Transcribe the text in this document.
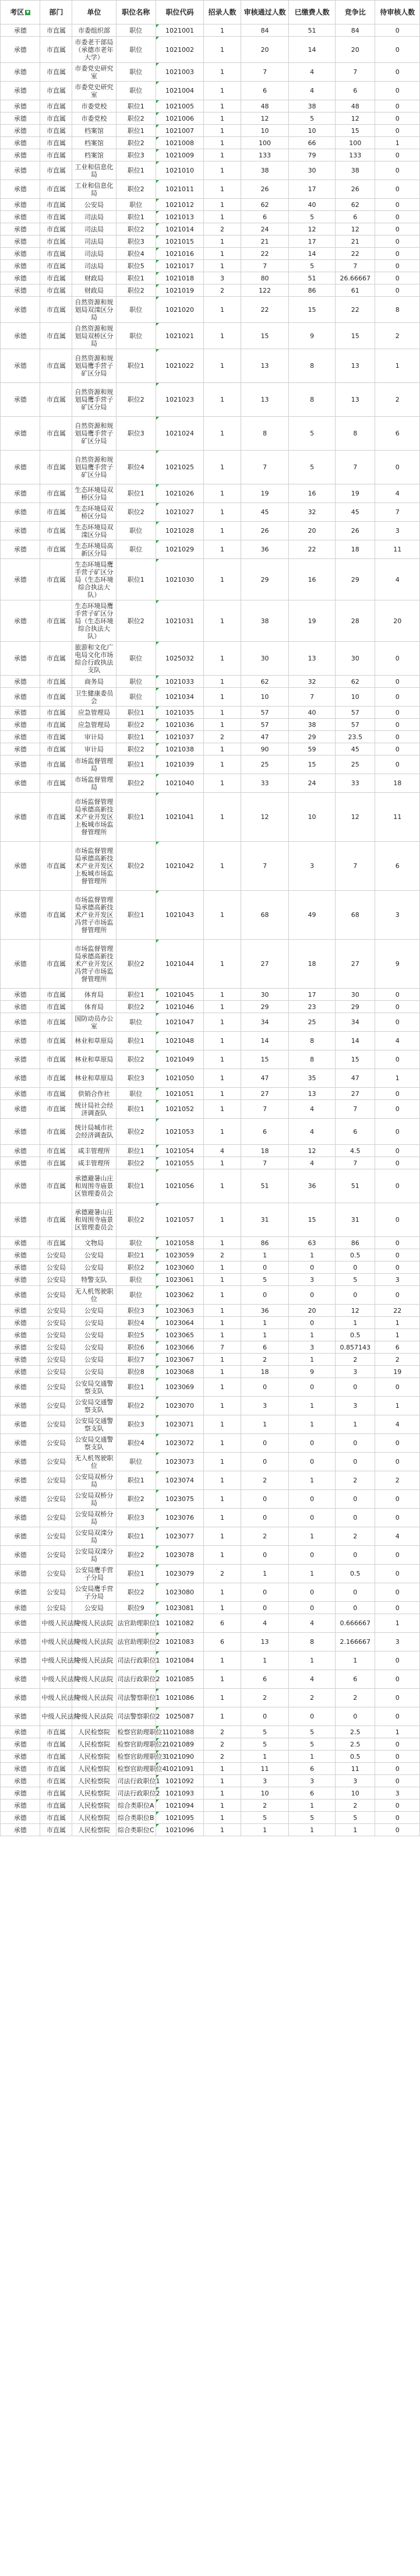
考区 ▼	部门	单位	职位名称	职位代码	招录人数	审核通过人数	已缴费人数	竞争比	待审核人数
承德	市直属	市委组织部	职位	1021001	1	84	51	84	0
承德	市直属	市委老干部局（承德市老年大学）	职位	1021002	1	20	14	20	0
承德	市直属	市委党史研究室	职位	1021003	1	7	4	7	0
承德	市直属	市委党史研究室	职位	1021004	1	6	4	6	0
承德	市直属	市委党校	职位1	1021005	1	48	38	48	0
承德	市直属	市委党校	职位2	1021006	1	12	5	12	0
承德	市直属	档案馆	职位1	1021007	1	10	10	15	0
承德	市直属	档案馆	职位2	1021008	1	100	66	100	1
承德	市直属	档案馆	职位3	1021009	1	133	79	133	0
承德	市直属	工业和信息化局	职位1	1021010	1	38	30	38	0
承德	市直属	工业和信息化局	职位2	1021011	1	26	17	26	0
承德	市直属	公安局	职位	1021012	1	62	40	62	0
承德	市直属	司法局	职位1	1021013	1	6	5	6	0
承德	市直属	司法局	职位2	1021014	2	24	12	12	0
承德	市直属	司法局	职位3	1021015	1	21	17	21	0
承德	市直属	司法局	职位4	1021016	1	22	14	22	0
承德	市直属	司法局	职位5	1021017	1	7	5	7	0
承德	市直属	财政局	职位1	1021018	3	80	51	26.66667	0
承德	市直属	财政局	职位2	1021019	2	122	86	61	0
承德	市直属	自然资源和规划局双滦区分局	职位	1021020	1	22	15	22	8
承德	市直属	自然资源和规划局双桥区分局	职位	1021021	1	15	9	15	2
承德	市直属	自然资源和规划局鹰手营子矿区分局	职位1	1021022	1	13	8	13	1
承德	市直属	自然资源和规划局鹰手营子矿区分局	职位2	1021023	1	13	8	13	2
承德	市直属	自然资源和规划局鹰手营子矿区分局	职位3	1021024	1	8	5	8	6
承德	市直属	自然资源和规划局鹰手营子矿区分局	职位4	1021025	1	7	5	7	0
承德	市直属	生态环境局双桥区分局	职位1	1021026	1	19	16	19	4
承德	市直属	生态环境局双桥区分局	职位2	1021027	1	45	32	45	7
承德	市直属	生态环境局双滦区分局	职位	1021028	1	26	20	26	3
承德	市直属	生态环境局高新区分局	职位	1021029	1	36	22	18	11
承德	市直属	生态环境局鹰手营子矿区分局（生态环境综合执法大队）	职位1	1021030	1	29	16	29	4
承德	市直属	生态环境局鹰手营子矿区分局（生态环境综合执法大队）	职位2	1021031	1	38	19	28	20
承德	市直属	旅游和文化广电局文化市场综合行政执法支队	职位	1025032	1	30	13	30	0
承德	市直属	商务局	职位	1021033	1	62	32	62	0
承德	市直属	卫生健康委员会	职位	1021034	1	10	7	10	0
承德	市直属	应急管理局	职位1	1021035	1	57	40	57	0
承德	市直属	应急管理局	职位2	1021036	1	57	38	57	0
承德	市直属	审计局	职位1	1021037	2	47	29	23.5	0
承德	市直属	审计局	职位2	1021038	1	90	59	45	0
承德	市直属	市场监督管理局	职位1	1021039	1	25	15	25	0
承德	市直属	市场监督管理局	职位2	1021040	1	33	24	33	18
承德	市直属	市场监督管理局承德高新技术产业开发区上板城市场监督管理所	职位1	1021041	1	12	10	12	11
承德	市直属	市场监督管理局承德高新技术产业开发区上板城市场监督管理所	职位2	1021042	1	7	3	7	6
承德	市直属	市场监督管理局承德高新技术产业开发区冯营子市场监督管理所	职位1	1021043	1	68	49	68	3
承德	市直属	市场监督管理局承德高新技术产业开发区冯营子市场监督管理所	职位2	1021044	1	27	18	27	9
承德	市直属	体育局	职位1	1021045	1	30	17	30	0
承德	市直属	体育局	职位2	1021046	1	29	23	29	0
承德	市直属	国防动员办公室	职位	1021047	1	34	25	34	0
承德	市直属	林业和草原局	职位1	1021048	1	14	8	14	4
承德	市直属	林业和草原局	职位2	1021049	1	15	8	15	0
承德	市直属	林业和草原局	职位3	1021050	1	47	35	47	1
承德	市直属	供销合作社	职位	1021051	1	27	13	27	0
承德	市直属	统计局社会经济调查队	职位1	1021052	1	7	4	7	0
承德	市直属	统计局城市社会经济调查队	职位2	1021053	1	6	4	6	0
承德	市直属	咸丰管理所	职位1	1021054	4	18	12	4.5	0
承德	市直属	咸丰管理所	职位2	1021055	1	7	4	7	0
承德	市直属	承德避暑山庄和周围寺庙景区管理委员会	职位1	1021056	1	51	36	51	0
承德	市直属	承德避暑山庄和周围寺庙景区管理委员会	职位2	1021057	1	31	15	31	0
承德	市直属	文物局	职位	1021058	1	86	63	86	0
承德	公安局	公安局	职位1	1023059	2	1	1	0.5	0
承德	公安局	公安局	职位2	1023060	1	0	0	0	0
承德	公安局	特警支队	职位	1023061	1	5	3	5	3
承德	公安局	无人机驾驶职位	职位	1023062	1	0	0	0	0
承德	公安局	公安局	职位3	1023063	1	36	20	12	22
承德	公安局	公安局	职位4	1023064	1	1	0	1	1
承德	公安局	公安局	职位5	1023065	1	1	1	0.5	1
承德	公安局	公安局	职位6	1023066	7	6	3	0.857143	6
承德	公安局	公安局	职位7	1023067	1	2	1	2	2
承德	公安局	公安局	职位8	1023068	1	18	9	3	19
承德	公安局	公安局交通警察支队	职位1	1023069	1	0	0	0	0
承德	公安局	公安局交通警察支队	职位2	1023070	1	3	1	3	1
承德	公安局	公安局交通警察支队	职位3	1023071	1	1	1	1	4
承德	公安局	公安局交通警察支队	职位4	1023072	1	0	0	0	0
承德	公安局	无人机驾驶职位	职位	1023073	1	0	0	0	0
承德	公安局	公安局双桥分局	职位1	1023074	1	2	1	2	2
承德	公安局	公安局双桥分局	职位2	1023075	1	0	0	0	0
承德	公安局	公安局双桥分局	职位3	1023076	1	0	0	0	0
承德	公安局	公安局双滦分局	职位1	1023077	1	2	1	2	4
承德	公安局	公安局双滦分局	职位2	1023078	1	0	0	0	0
承德	公安局	公安局鹰手营子分局	职位1	1023079	2	1	1	0.5	0
承德	公安局	公安局鹰手营子分局	职位2	1023080	1	0	0	0	0
承德	公安局	公安局	职位9	1023081	1	0	0	0	0
承德	中级人民法院	中级人民法院	法官助理职位1	1021082	6	4	4	0.666667	1
承德	中级人民法院	中级人民法院	法官助理职位2	1021083	6	13	8	2.166667	3
承德	中级人民法院	中级人民法院	司法行政职位1	1021084	1	1	1	1	0
承德	中级人民法院	中级人民法院	司法行政职位2	1021085	1	6	4	6	0
承德	中级人民法院	中级人民法院	司法警察职位1	1021086	1	2	2	2	0
承德	中级人民法院	中级人民法院	司法警察职位2	1025087	1	0	0	0	0
承德	市直属	人民检察院	检察官助理职位1	1021088	2	5	5	2.5	1
承德	市直属	人民检察院	检察官助理职位2	1021089	2	5	5	2.5	0
承德	市直属	人民检察院	检察官助理职位3	1021090	2	1	1	0.5	0
承德	市直属	人民检察院	检察官助理职位4	1021091	1	11	6	11	0
承德	市直属	人民检察院	司法行政职位1	1021092	1	3	3	3	0
承德	市直属	人民检察院	司法行政职位2	1021093	1	10	6	10	3
承德	市直属	人民检察院	综合类职位A	1021094	1	2	1	2	0
承德	市直属	人民检察院	综合类职位B	1021095	1	5	5	5	0
承德	市直属	人民检察院	综合类职位C	1021096	1	1	1	1	0
